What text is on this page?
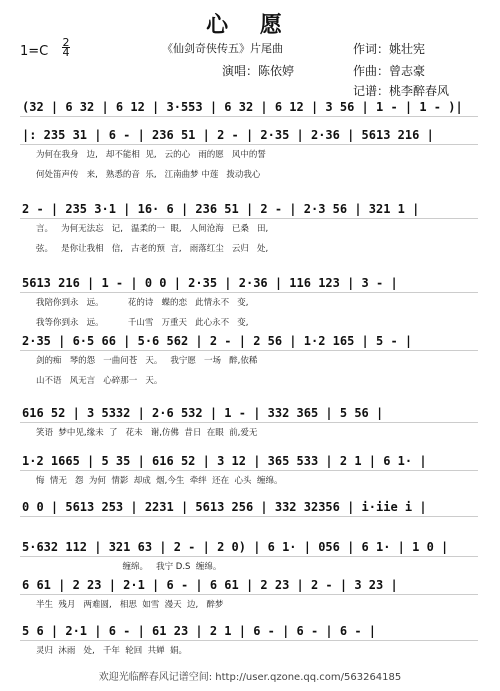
心 愿
1=C
2
4	《仙剑奇侠传五》片尾曲	作词：姚壮宪
演唱：陈依婷	作曲：曾志豪
记谱：桃李醉春风
(32 | 6 32 | 6 12 | 3·553 | 6 32 | 6 12 | 3 56 | 1 - | 1 - )|
|: 235 31 | 6 - | 236 51 | 2 - | 2·35 | 2·36 | 5613 216 |
为何在我身   边,   却不能相  见,   云的心   雨的愿   风中的誓
何处笛声传   来,   熟悉的音  乐,   江南曲梦 中莲   拨动我心
2 - | 235 3·1 | 16· 6 | 236 51 | 2 - | 2·3 56 | 321 1 |
言。   为何无法忘   记,   温柔的一  眼,   人间沧海   已桑   田,
弦。   是你让我相   信,   古老的预  言,   雨落红尘   云归   处,
5613 216 | 1 - | 0 0 | 2·35 | 2·36 | 116 123 | 3 - |
我陪你到永   远。         花的诗   蝶的恋   此情永不   变,
我等你到永   远。         千山雪   万重天   此心永不   变,
2·35 | 6·5 66 | 5·6 562 | 2 - | 2 56 | 1·2 165 | 5 - |
剑的痴   琴的怨   一曲问苍   天。   我宁愿   一场   醉,依稀
山不语   风无言   心碎那一   天。
616 52 | 3 5332 | 2·6 532 | 1 - | 332 365 | 5 56 |
笑语  梦中见,缘未  了   花未   谢,仿佛  昔日  在眼  前,爱无
1·2 1665 | 5 35 | 616 52 | 3 12 | 365 533 | 2 1 | 6 1· |
悔  情无   怨  为何  情影  却成  烟,今生  牵绊  还在  心头  缠绵。
0 0 | 5613 253 | 2231 | 5613 256 | 332 32356 | i·iie i |
5·632 112 | 321 63 | 2 - | 2 0) | 6 1· | 056 | 6 1· | 1 0 |
缠绵。   我宁 D.S  缠绵。
6 61 | 2 23 | 2·1 | 6 - | 6 61 | 2 23 | 2 - | 3 23 |
半生  残月   两难圆,   相思  如雪  漫天  边,   醉梦
5 6 | 2·1 | 6 - | 61 23 | 2 1 | 6 - | 6 - | 6 - |
灵归  沐雨   处,   千年  轮回  共婵  娟。
欢迎光临醉春风记谱空间: http://user.qzone.qq.com/563264185
